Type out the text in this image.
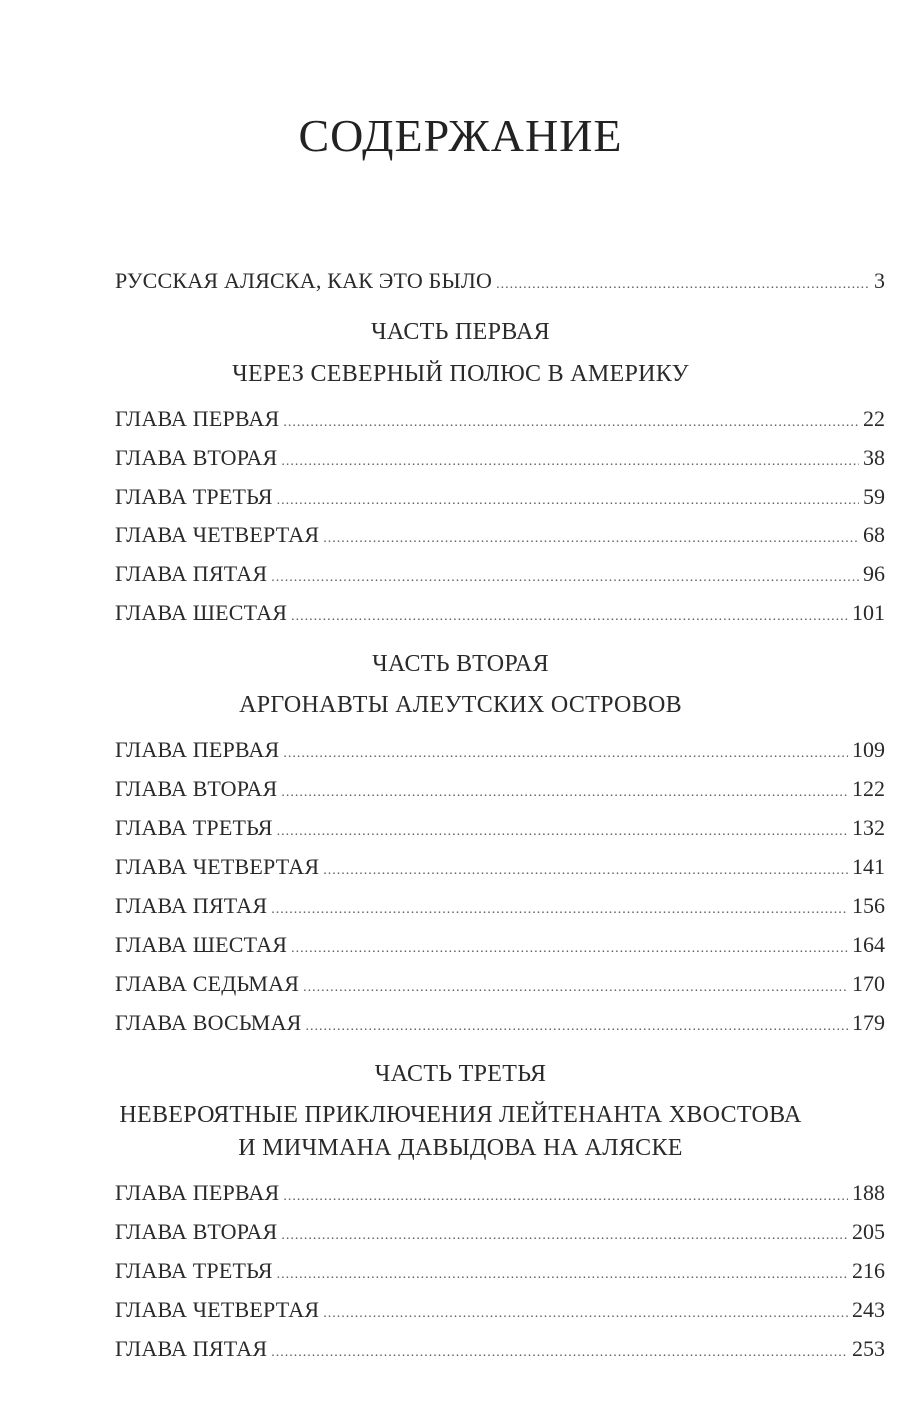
СОДЕРЖАНИЕ
РУССКАЯ АЛЯСКА, КАК ЭТО БЫЛО .....	3
ЧАСТЬ ПЕРВАЯ
ЧЕРЕЗ СЕВЕРНЫЙ ПОЛЮС В АМЕРИКУ
ГЛАВА ПЕРВАЯ .....	22
ГЛАВА ВТОРАЯ .....	38
ГЛАВА ТРЕТЬЯ .....	59
ГЛАВА ЧЕТВЕРТАЯ .....	68
ГЛАВА ПЯТАЯ .....	96
ГЛАВА ШЕСТАЯ .....	101
ЧАСТЬ ВТОРАЯ
АРГОНАВТЫ АЛЕУТСКИХ ОСТРОВОВ
ГЛАВА ПЕРВАЯ .....	109
ГЛАВА ВТОРАЯ .....	122
ГЛАВА ТРЕТЬЯ .....	132
ГЛАВА ЧЕТВЕРТАЯ .....	141
ГЛАВА ПЯТАЯ .....	156
ГЛАВА ШЕСТАЯ .....	164
ГЛАВА СЕДЬМАЯ .....	170
ГЛАВА ВОСЬМАЯ .....	179
ЧАСТЬ ТРЕТЬЯ
НЕВЕРОЯТНЫЕ ПРИКЛЮЧЕНИЯ ЛЕЙТЕНАНТА ХВОСТОВА
И МИЧМАНА ДАВЫДОВА НА АЛЯСКЕ
ГЛАВА ПЕРВАЯ .....	188
ГЛАВА ВТОРАЯ .....	205
ГЛАВА ТРЕТЬЯ .....	216
ГЛАВА ЧЕТВЕРТАЯ .....	243
ГЛАВА ПЯТАЯ .....	253
